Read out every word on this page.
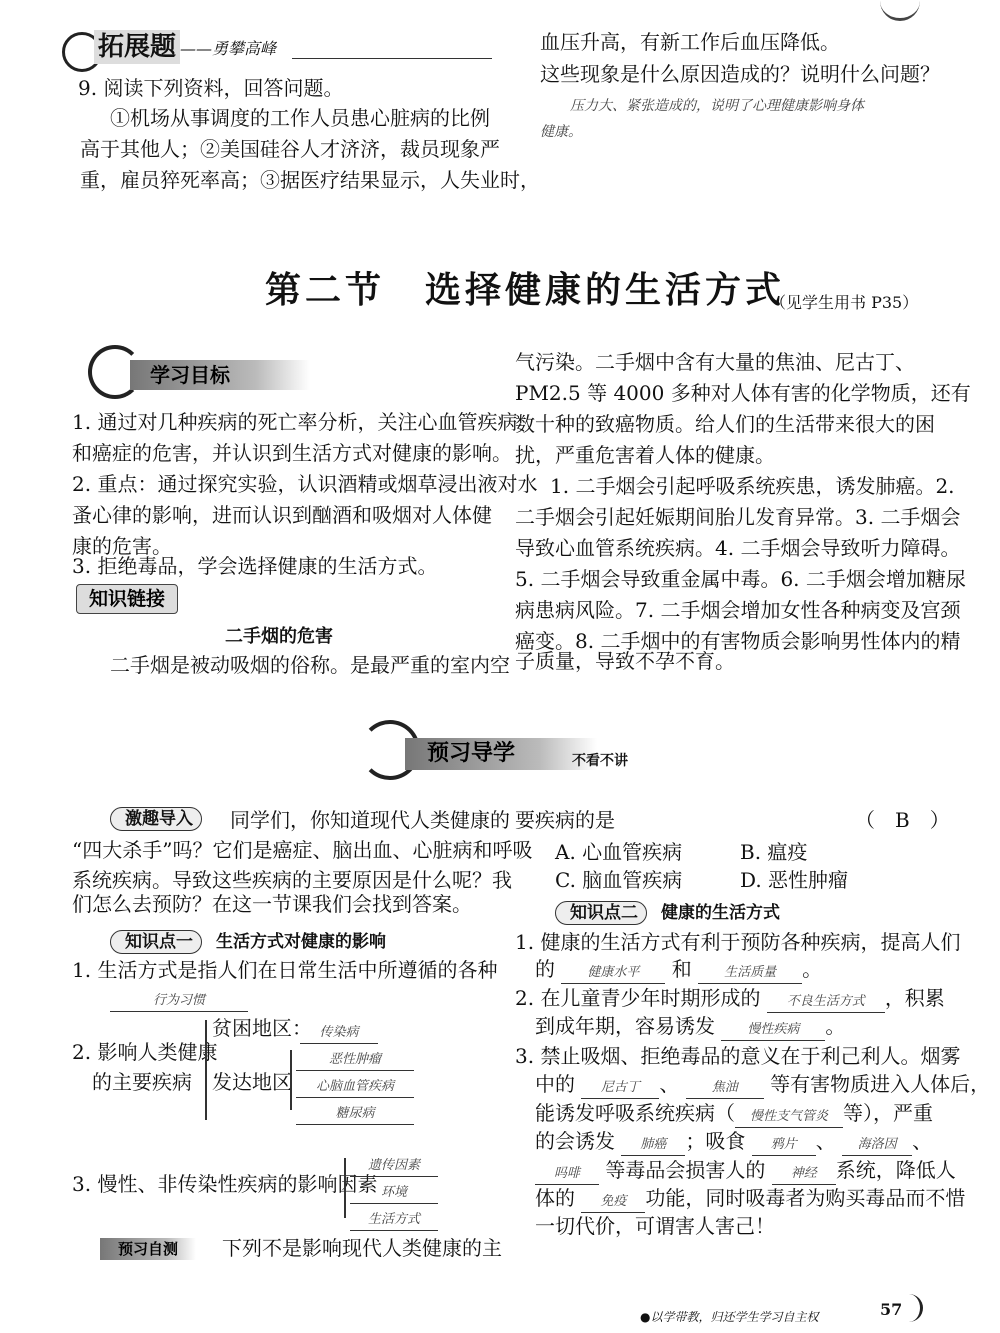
拓展题 ——勇攀高峰
9. 阅读下列资料，回答问题。
①机场从事调度的工作人员患心脏病的比例
高于其他人；②美国硅谷人才济济，裁员现象严
重，雇员猝死率高；③据医疗结果显示，人失业时，
血压升高，有新工作后血压降低。
这些现象是什么原因造成的？说明什么问题？
压力大、紧张造成的，说明了心理健康影响身体
健康。
第二节　选择健康的生活方式
（见学生用书 P35）
学习目标
1. 通过对几种疾病的死亡率分析，关注心血管疾病
和癌症的危害，并认识到生活方式对健康的影响。
2. 重点：通过探究实验，认识酒精或烟草浸出液对水
蚤心律的影响，进而认识到酗酒和吸烟对人体健
康的危害。
3. 拒绝毒品，学会选择健康的生活方式。
知识链接
二手烟的危害
二手烟是被动吸烟的俗称。是最严重的室内空
气污染。二手烟中含有大量的焦油、尼古丁、
PM2.5 等 4000 多种对人体有害的化学物质，还有
数十种的致癌物质。给人们的生活带来很大的困
扰，严重危害着人体的健康。
1. 二手烟会引起呼吸系统疾患，诱发肺癌。2.
二手烟会引起妊娠期间胎儿发育异常。3. 二手烟会
导致心血管系统疾病。4. 二手烟会导致听力障碍。
5. 二手烟会导致重金属中毒。6. 二手烟会增加糖尿
病患病风险。7. 二手烟会增加女性各种病变及宫颈
癌变。8. 二手烟中的有害物质会影响男性体内的精
子质量，导致不孕不育。
预习导学	不看不讲
激趣导入	同学们，你知道现代人类健康的
“四大杀手”吗？它们是癌症、脑出血、心脏病和呼吸
系统疾病。导致这些疾病的主要原因是什么呢？我
们怎么去预防？在这一节课我们会找到答案。
知识点一 生活方式对健康的影响
1. 生活方式是指人们在日常生活中所遵循的各种
行为习惯
2. 影响人类健康
的主要疾病
贫困地区： 传染病
发达地区
恶性肿瘤
心脑血管疾病
糖尿病
3. 慢性、非传染性疾病的影响因素
遗传因素
环境
生活方式
预习自测	下列不是影响现代人类健康的主
要疾病的是	（　B　）
A. 心血管疾病	B. 瘟疫
C. 脑血管疾病	D. 恶性肿瘤
知识点二 健康的生活方式
1. 健康的生活方式有利于预防各种疾病，提高人们
的 健康水平 和 生活质量 。
2. 在儿童青少年时期形成的 不良生活方式 ，积累
到成年期，容易诱发 慢性疾病 。
3. 禁止吸烟、拒绝毒品的意义在于利己利人。烟雾
中的 尼古丁 、 焦油 等有害物质进入人体后，
能诱发呼吸系统疾病（ 慢性支气管炎 等），严重
的会诱发 肺癌 ；吸食 鸦片 、 海洛因 、
吗啡 等毒品会损害人的 神经 系统，降低人
体的 免疫 功能，同时吸毒者为购买毒品而不惜
一切代价，可谓害人害己！
●以学带教，归还学生学习自主权	57
